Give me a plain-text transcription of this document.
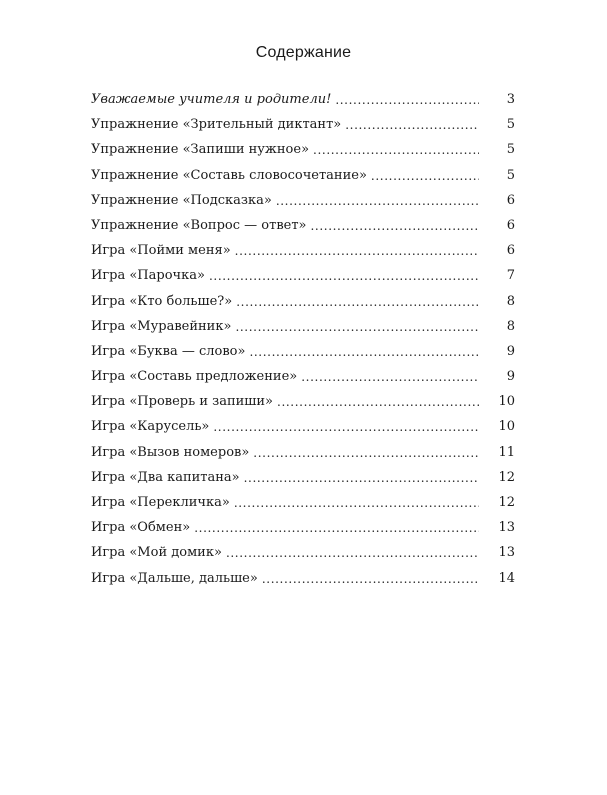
Содержание
Уважаемые учителя и родители! . . .	3
Упражнение «Зрительный диктант» . . .	5
Упражнение «Запиши нужное» . . .	5
Упражнение «Составь словосочетание» . . .	5
Упражнение «Подсказка» . . .	6
Упражнение «Вопрос — ответ» . . .	6
Игра «Пойми меня» . . .	6
Игра «Парочка» . . .	7
Игра «Кто больше?» . . .	8
Игра «Муравейник» . . .	8
Игра «Буква — слово» . . .	9
Игра «Составь предложение» . . .	9
Игра «Проверь и запиши» . . .	10
Игра «Карусель» . . .	10
Игра «Вызов номеров» . . .	11
Игра «Два капитана» . . .	12
Игра «Перекличка» . . .	12
Игра «Обмен» . . .	13
Игра «Мой домик» . . .	13
Игра «Дальше, дальше» . . .	14
